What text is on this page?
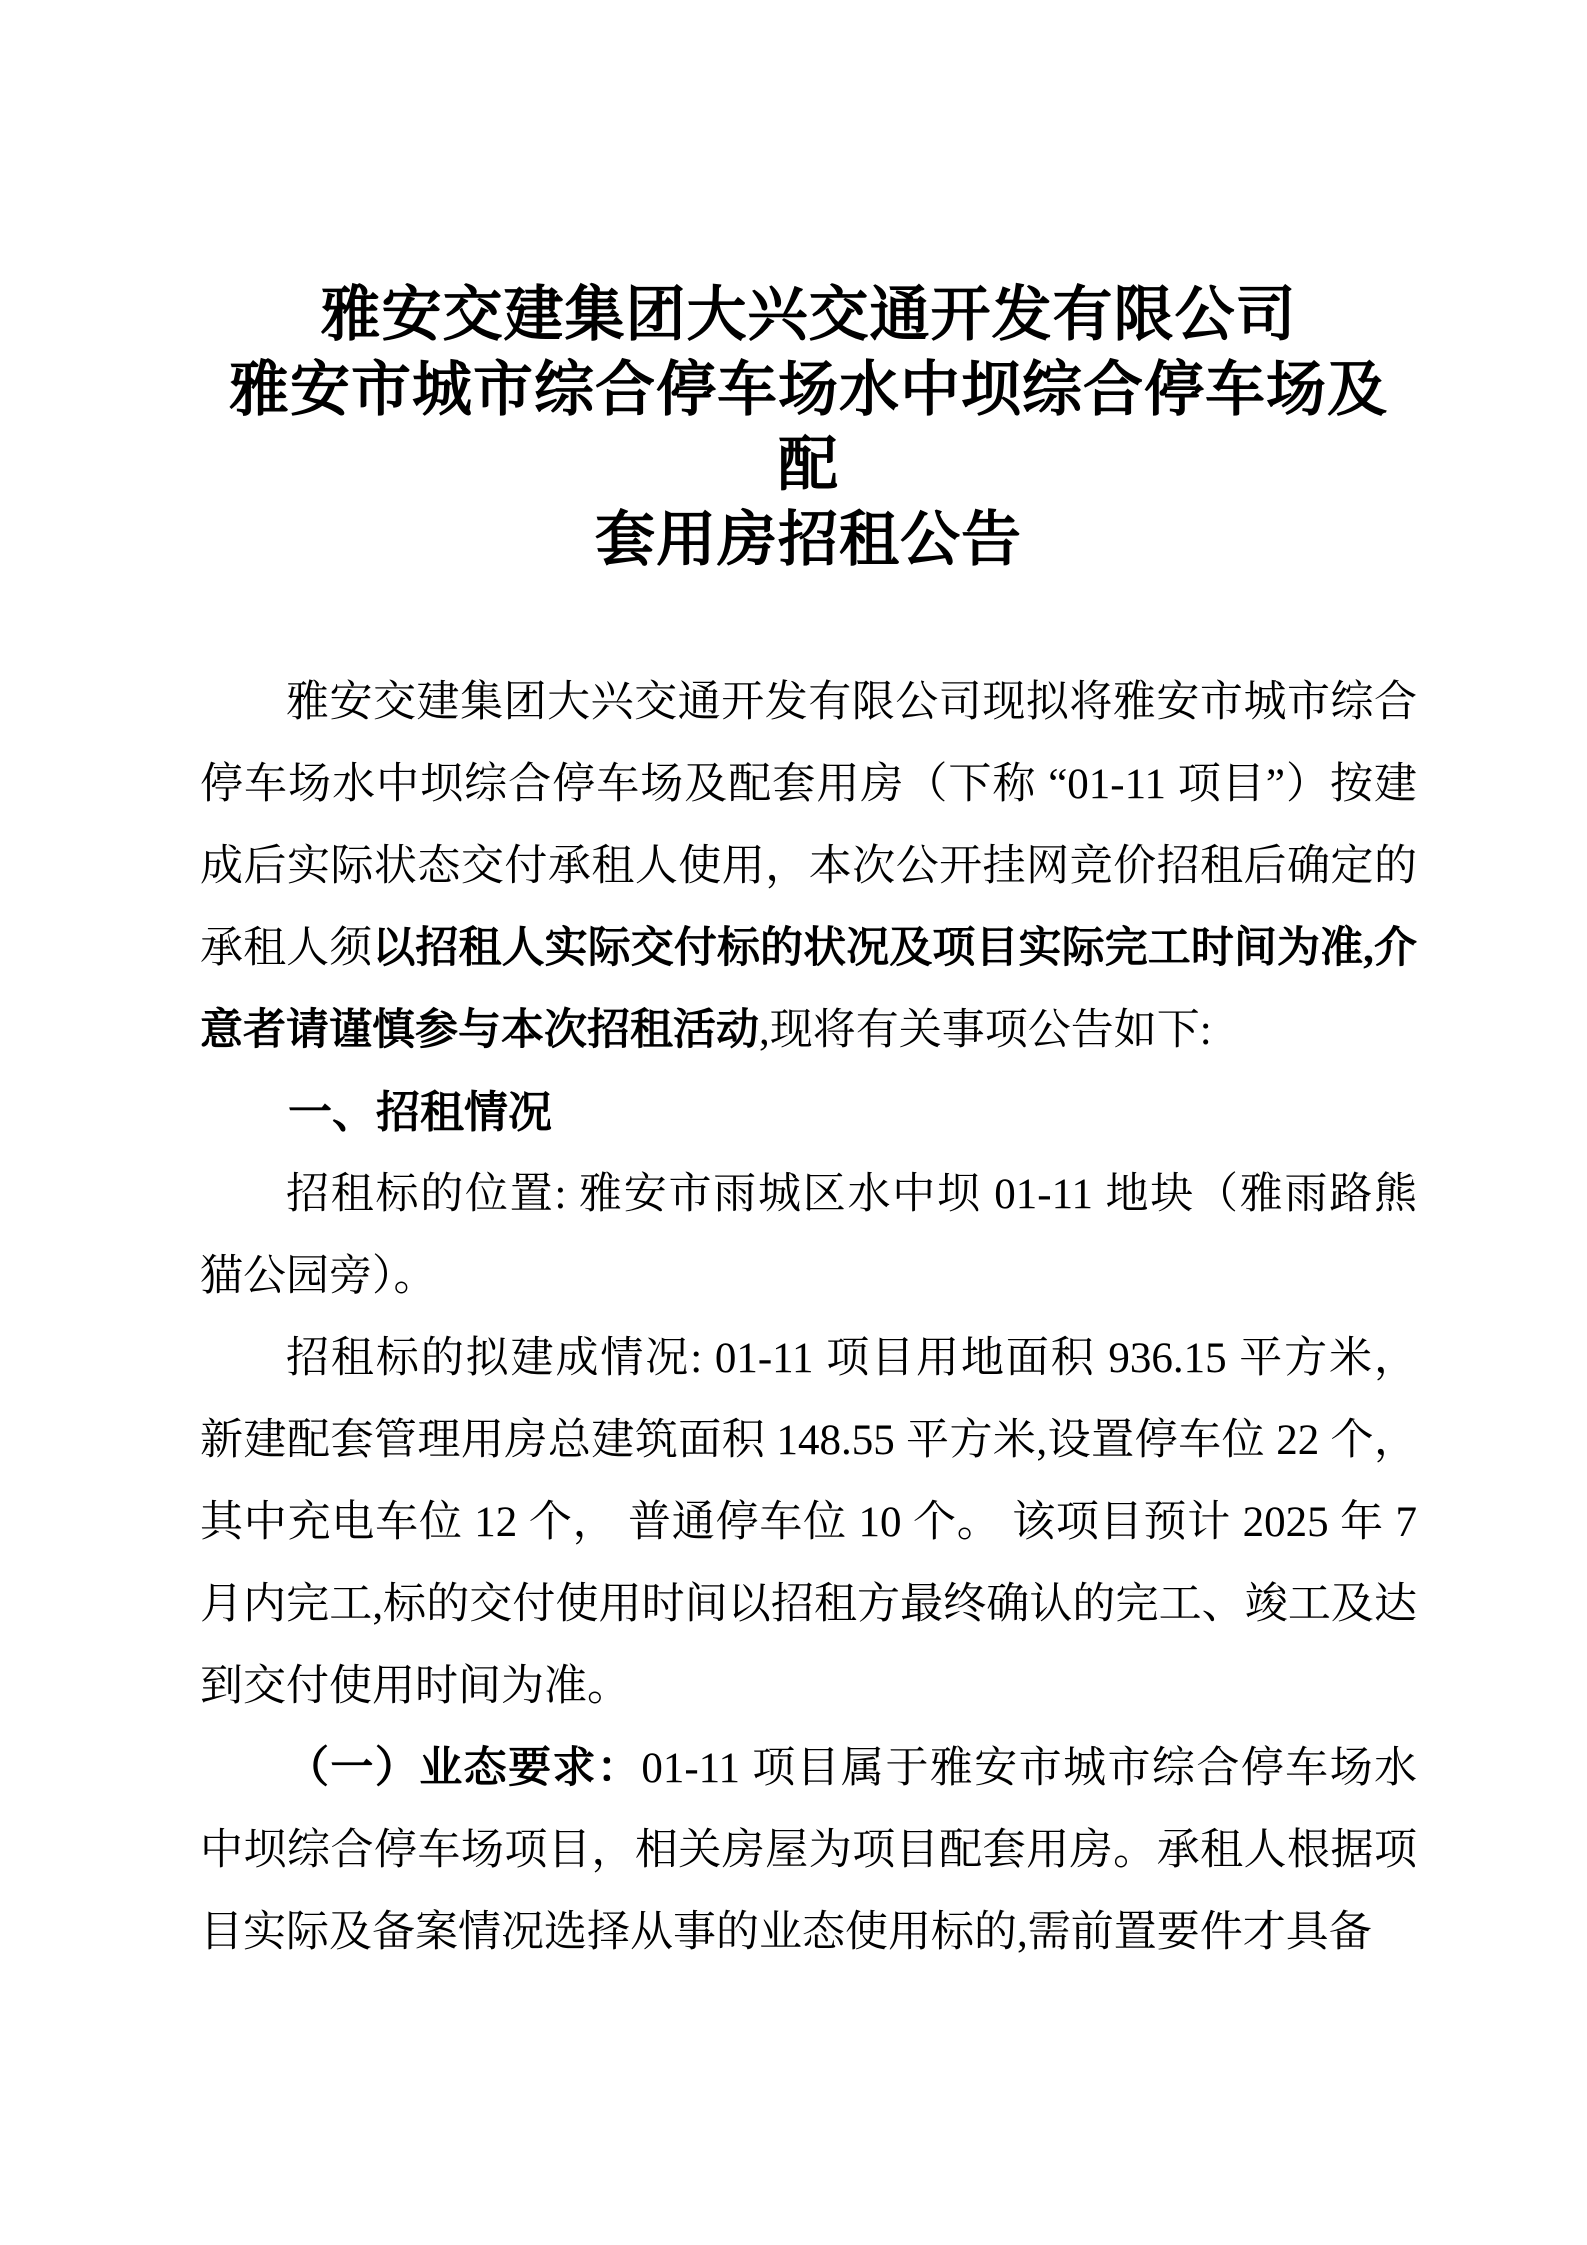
雅安交建集团大兴交通开发有限公司
雅安市城市综合停车场水中坝综合停车场及配
套用房招租公告

雅安交建集团大兴交通开发有限公司现拟将雅安市城市综合停车场水中坝综合停车场及配套用房（下称 “01-11 项目”）按建成后实际状态交付承租人使用，本次公开挂网竞价招租后确定的承租人须以招租人实际交付标的状况及项目实际完工时间为准,介意者请谨慎参与本次招租活动,现将有关事项公告如下:

一、招租情况

招租标的位置: 雅安市雨城区水中坝 01-11 地块（雅雨路熊猫公园旁）。

招租标的拟建成情况: 01-11 项目用地面积 936.15 平方米，新建配套管理用房总建筑面积 148.55 平方米,设置停车位 22 个，其中充电车位 12 个， 普通停车位 10 个。 该项目预计 2025 年 7 月内完工,标的交付使用时间以招租方最终确认的完工、竣工及达到交付使用时间为准。

（一）业态要求：01-11 项目属于雅安市城市综合停车场水中坝综合停车场项目，相关房屋为项目配套用房。承租人根据项目实际及备案情况选择从事的业态使用标的,需前置要件才具备
